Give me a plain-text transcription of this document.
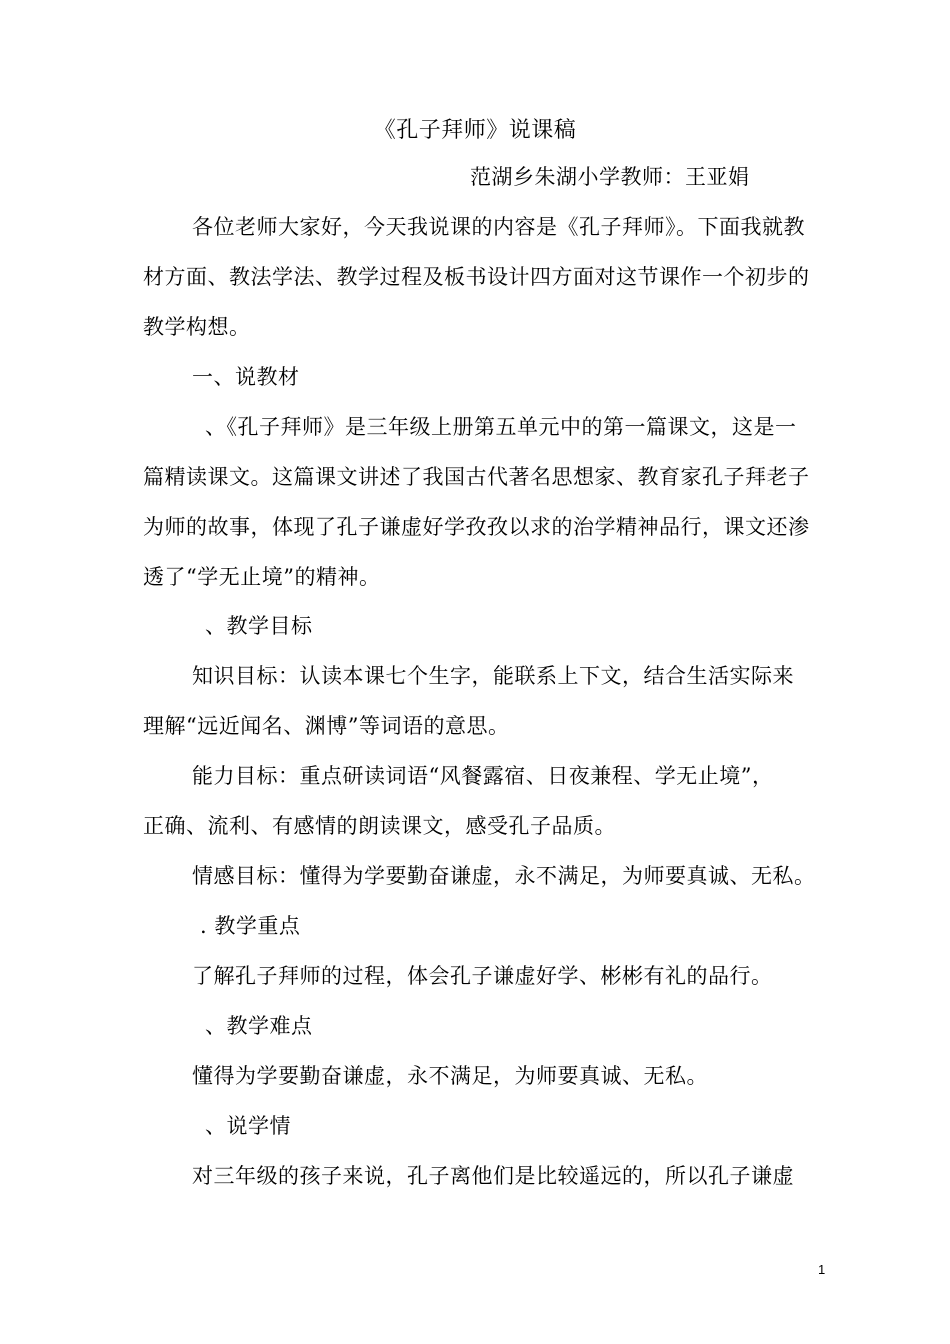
《孔子拜师》说课稿
范湖乡朱湖小学教师：王亚娟
各位老师大家好，今天我说课的内容是《孔子拜师》。下面我就教
材方面、教法学法、教学过程及板书设计四方面对这节课作一个初步的
教学构想。
一、说教材
、《孔子拜师》是三年级上册第五单元中的第一篇课文，这是一
篇精读课文。这篇课文讲述了我国古代著名思想家、教育家孔子拜老子
为师的故事，体现了孔子谦虚好学孜孜以求的治学精神品行，课文还渗
透了“学无止境”的精神。
、教学目标
知识目标：认读本课七个生字，能联系上下文，结合生活实际来
理解“远近闻名、渊博”等词语的意思。
能力目标：重点研读词语“风餐露宿、日夜兼程、学无止境”，
正确、流利、有感情的朗读课文，感受孔子品质。
情感目标：懂得为学要勤奋谦虚，永不满足，为师要真诚、无私。
. 教学重点
了解孔子拜师的过程，体会孔子谦虚好学、彬彬有礼的品行。
、教学难点
懂得为学要勤奋谦虚，永不满足，为师要真诚、无私。
、说学情
对三年级的孩子来说，孔子离他们是比较遥远的，所以孔子谦虚
1
